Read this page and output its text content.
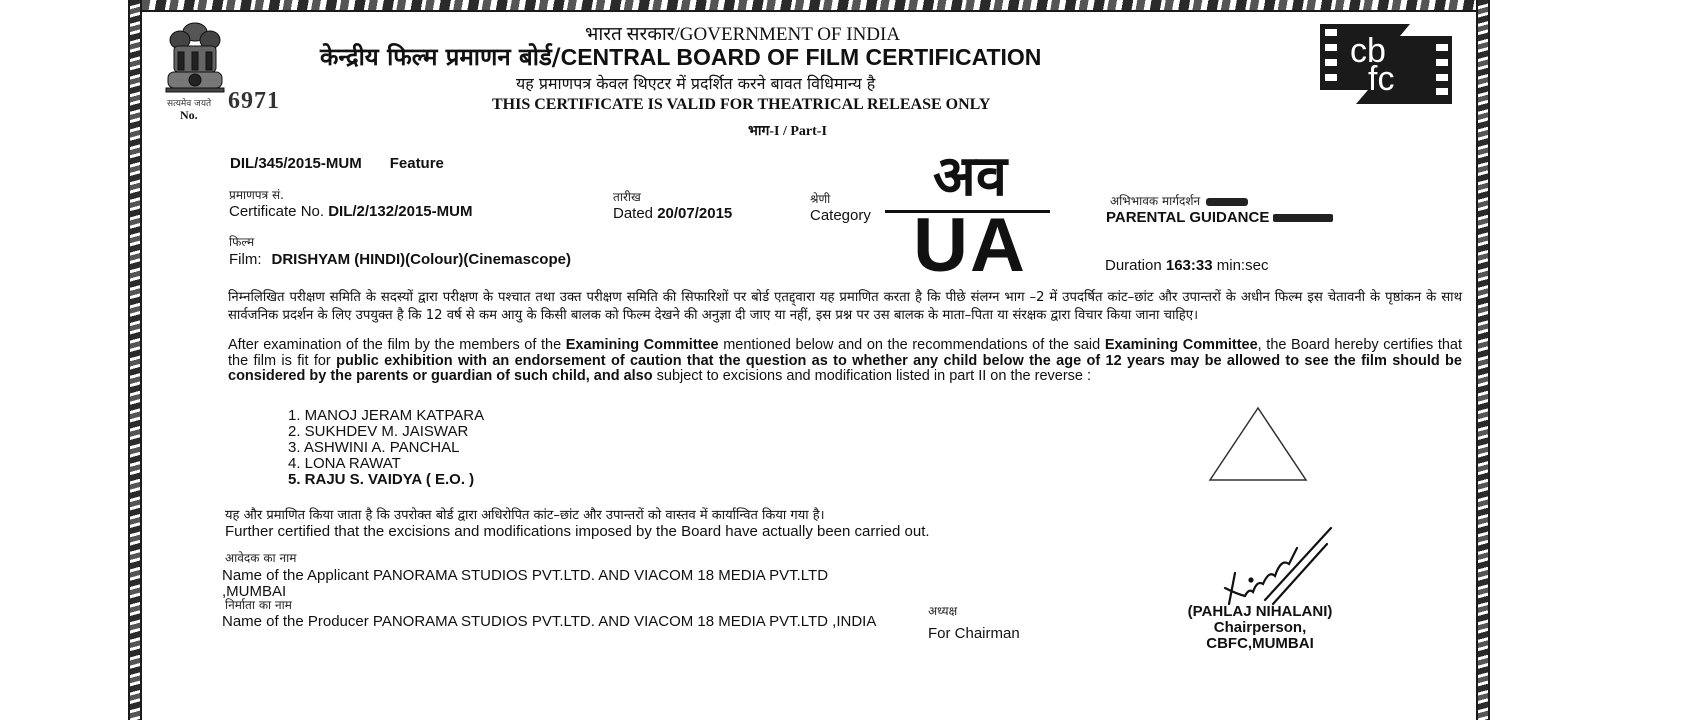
सत्यमेव जयते
No.
6971
भारत सरकार/GOVERNMENT OF INDIA
केन्द्रीय फिल्म प्रमाणन बोर्ड/CENTRAL BOARD OF FILM CERTIFICATION
यह प्रमाणपत्र केवल थिएटर में प्रदर्शित करने बावत विधिमान्य है
THIS CERTIFICATE IS VALID FOR THEATRICAL RELEASE ONLY
भाग-I / Part-I
cb
fc
DIL/345/2015-MUM Feature
प्रमाणपत्र सं.
Certificate No. DIL/2/132/2015-MUM
तारीख
Dated 20/07/2015
श्रेणी
Category
अव
UA
अभिभावक मार्गदर्शन
PARENTAL GUIDANCE
Duration 163:33 min:sec
फिल्म
Film: DRISHYAM (HINDI)(Colour)(Cinemascope)

निम्नलिखित परीक्षण समिति के सदस्यों द्वारा परीक्षण के पश्चात तथा उक्त परीक्षण समिति की सिफारिशों पर बोर्ड एतद्द्वारा यह प्रमाणित करता है कि पीछे संलग्न भाग –2 में उपदर्षित कांट–छांट और उपान्तरों के अधीन फिल्म इस चेतावनी के पृष्ठांकन के साथ सार्वजनिक प्रदर्शन के लिए उपयुक्त है कि 12 वर्ष से कम आयु के किसी बालक को फिल्म देखने की अनुज्ञा दी जाए या नहीं, इस प्रश्न पर उस बालक के माता–पिता या संरक्षक द्वारा विचार किया जाना चाहिए।

After examination of the film by the members of the Examining Committee mentioned below and on the recommendations of the said Examining Committee, the Board hereby certifies that the film is fit for public exhibition with an endorsement of caution that the question as to whether any child below the age of 12 years may be allowed to see the film should be considered by the parents or guardian of such child, and also subject to excisions and modification listed in part II on the reverse :

1. MANOJ JERAM KATPARA
2. SUKHDEV M. JAISWAR
3. ASHWINI A. PANCHAL
4. LONA RAWAT
5. RAJU S. VAIDYA ( E.O. )

यह और प्रमाणित किया जाता है कि उपरोक्त बोर्ड द्वारा अधिरोपित कांट–छांट और उपान्तरों को वास्तव में कार्यान्वित किया गया है।

Further certified that the excisions and modifications imposed by the Board have actually been carried out.

आवेदक का नाम

Name of the Applicant PANORAMA STUDIOS PVT.LTD. AND VIACOM 18 MEDIA PVT.LTD ,MUMBAI

निर्माता का नाम

Name of the Producer PANORAMA STUDIOS PVT.LTD. AND VIACOM 18 MEDIA PVT.LTD ,INDIA

अध्यक्ष
For Chairman
(PAHLAJ NIHALANI)
Chairperson,
CBFC,MUMBAI
